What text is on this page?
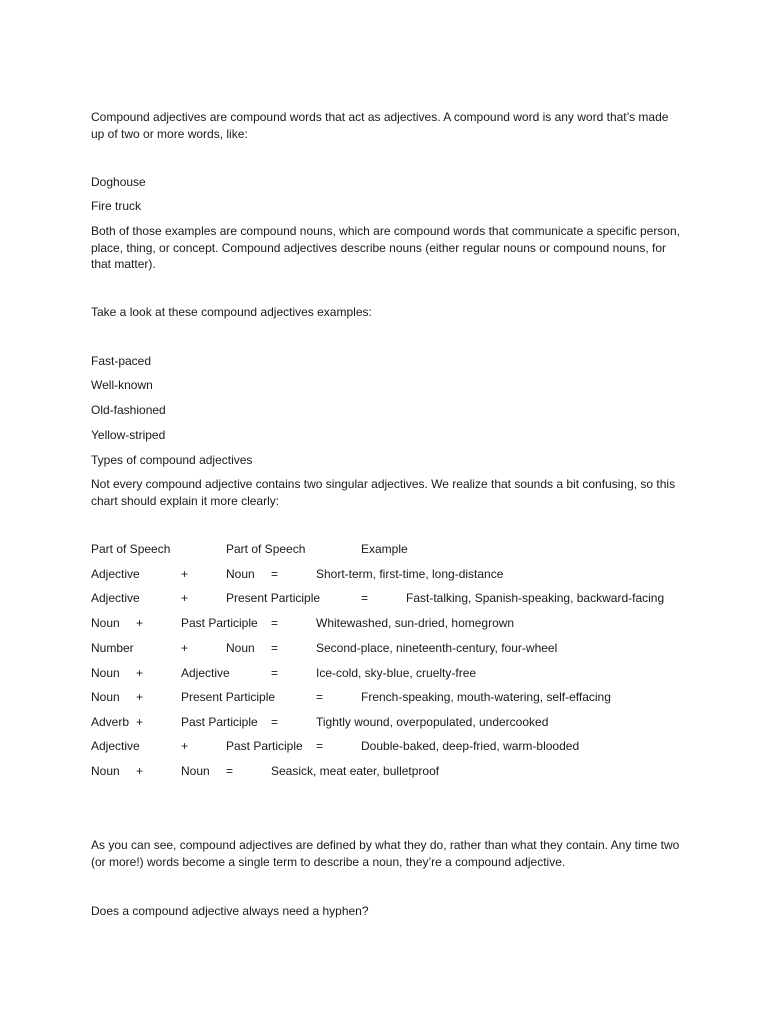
Compound adjectives are compound words that act as adjectives. A compound word is any word that’s made up of two or more words, like:
Doghouse
Fire truck
Both of those examples are compound nouns, which are compound words that communicate a specific person, place, thing, or concept. Compound adjectives describe nouns (either regular nouns or compound nouns, for that matter).
Take a look at these compound adjectives examples:
Fast-paced
Well-known
Old-fashioned
Yellow-striped
Types of compound adjectives
Not every compound adjective contains two singular adjectives. We realize that sounds a bit confusing, so this chart should explain it more clearly:
Part of Speech	Part of Speech	Example
Adjective	+	Noun =	Short-term, first-time, long-distance
Adjective	+	Present Participle	=	Fast-talking, Spanish-speaking, backward-facing
Noun +	Past Participle =	Whitewashed, sun-dried, homegrown
Number	+	Noun =	Second-place, nineteenth-century, four-wheel
Noun +	Adjective	=	Ice-cold, sky-blue, cruelty-free
Noun +	Present Participle	=	French-speaking, mouth-watering, self-effacing
Adverb +	Past Participle =	Tightly wound, overpopulated, undercooked
Adjective	+	Past Participle =	Double-baked, deep-fried, warm-blooded
Noun +	Noun =	Seasick, meat eater, bulletproof
As you can see, compound adjectives are defined by what they do, rather than what they contain. Any time two (or more!) words become a single term to describe a noun, they’re a compound adjective.
Does a compound adjective always need a hyphen?
